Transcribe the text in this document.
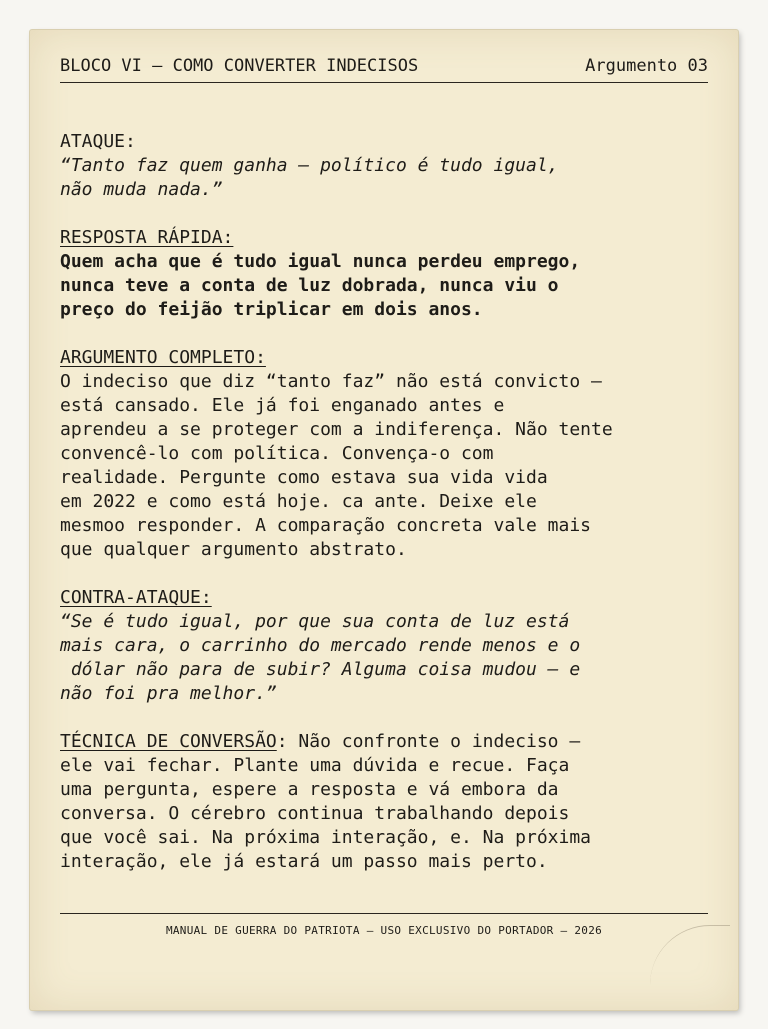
BLOCO VI – COMO CONVERTER INDECISOS	Argumento 03
ATAQUE:
“Tanto faz quem ganha – político é tudo igual,
não muda nada.”
RESPOSTA RÁPIDA:
Quem acha que é tudo igual nunca perdeu emprego,
nunca teve a conta de luz dobrada, nunca viu o
preço do feijão triplicar em dois anos.
ARGUMENTO COMPLETO:
O indeciso que diz “tanto faz” não está convicto –
está cansado. Ele já foi enganado antes e
aprendeu a se proteger com a indiferença. Não tente
convencê-lo com política. Convença-o com
realidade. Pergunte como estava sua vida vida
em 2022 e como está hoje. ca ante. Deixe ele
mesmoo responder. A comparação concreta vale mais
que qualquer argumento abstrato.
CONTRA-ATAQUE:
“Se é tudo igual, por que sua conta de luz está
mais cara, o carrinho do mercado rende menos e o
dólar não para de subir? Alguma coisa mudou – e
não foi pra melhor.”
TÉCNICA DE CONVERSÃO: Não confronte o indeciso –
ele vai fechar. Plante uma dúvida e recue. Faça
uma pergunta, espere a resposta e vá embora da
conversa. O cérebro continua trabalhando depois
que você sai. Na próxima interação, e. Na próxima
interação, ele já estará um passo mais perto.
MANUAL DE GUERRA DO PATRIOTA – USO EXCLUSIVO DO PORTADOR – 2026
